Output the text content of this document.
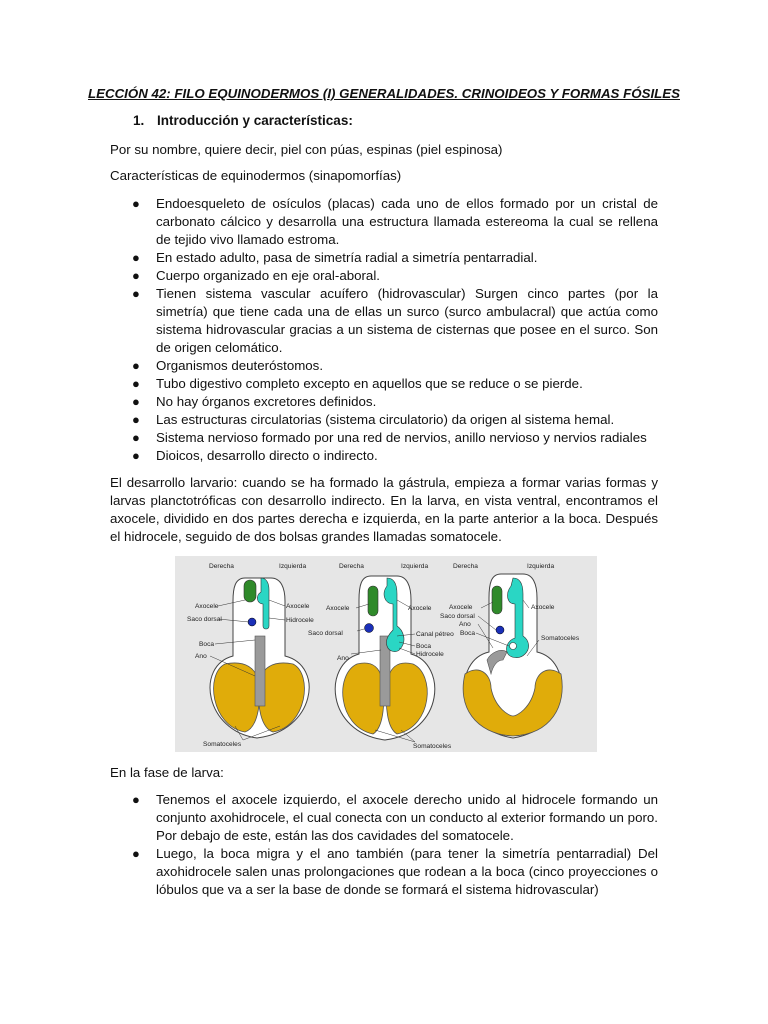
LECCIÓN 42: FILO EQUINODERMOS (I) GENERALIDADES. CRINOIDEOS Y FORMAS FÓSILES
1. Introducción y características:
Por su nombre, quiere decir, piel con púas, espinas (piel espinosa)
Características de equinodermos (sinapomorfías)
● Endoesqueleto de osículos (placas) cada uno de ellos formado por un cristal de carbonato cálcico y desarrolla una estructura llamada estereoma la cual se rellena de tejido vivo llamado estroma.
● En estado adulto, pasa de simetría radial a simetría pentarradial.
● Cuerpo organizado en eje oral-aboral.
● Tienen sistema vascular acuífero (hidrovascular) Surgen cinco partes (por la simetría) que tiene cada una de ellas un surco (surco ambulacral) que actúa como sistema hidrovascular gracias a un sistema de cisternas que posee en el surco. Son de origen celomático.
● Organismos deuteróstomos.
● Tubo digestivo completo excepto en aquellos que se reduce o se pierde.
● No hay órganos excretores definidos.
● Las estructuras circulatorias (sistema circulatorio) da origen al sistema hemal.
● Sistema nervioso formado por una red de nervios, anillo nervioso y nervios radiales
● Dioicos, desarrollo directo o indirecto.
El desarrollo larvario: cuando se ha formado la gástrula, empieza a formar varias formas y larvas planctotróficas con desarrollo indirecto. En la larva, en vista ventral, encontramos el axocele, dividido en dos partes derecha e izquierda, en la parte anterior a la boca. Después el hidrocele, seguido de dos bolsas grandes llamadas somatocele.
Derecha	Izquierda
Axocele	Axocele
Hidrocele
Saco dorsal
Boca
Ano
Somatoceles
Derecha	Izquierda
Axocele	Axocele
Saco dorsal	Canal pétreo
Boca
Hidrocele
Ano
Somatoceles
Derecha	Izquierda
Axocele	Axocele
Ano
Saco dorsal
Boca
Somatoceles
En la fase de larva:
● Tenemos el axocele izquierdo, el axocele derecho unido al hidrocele formando un conjunto axohidrocele, el cual conecta con un conducto al exterior formando un poro. Por debajo de este, están las dos cavidades del somatocele.
● Luego, la boca migra y el ano también (para tener la simetría pentarradial) Del axohidrocele salen unas prolongaciones que rodean a la boca (cinco proyecciones o lóbulos que va a ser la base de donde se formará el sistema hidrovascular)
